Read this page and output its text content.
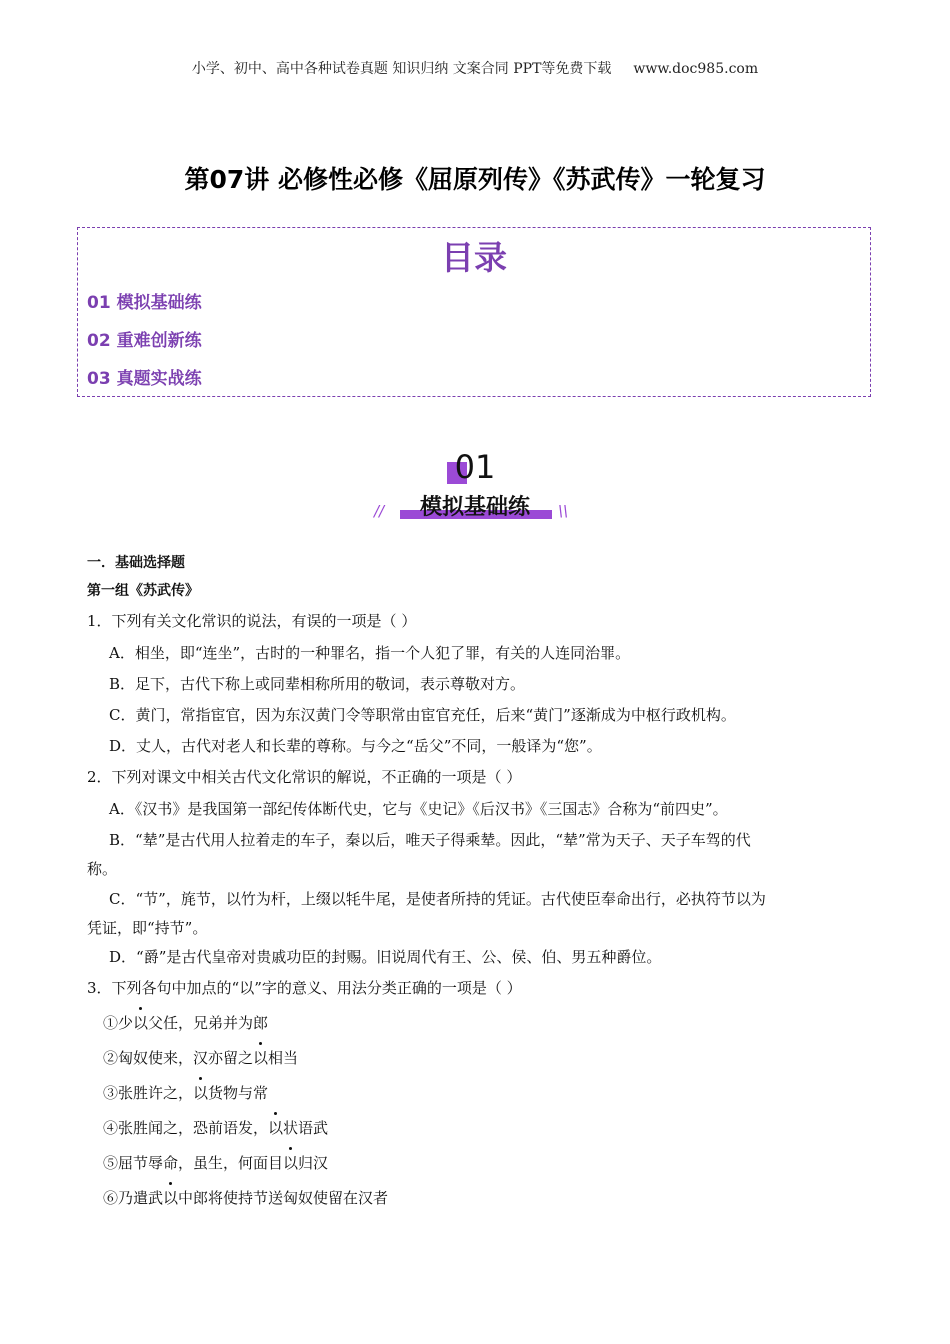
小学、初中、高中各种试卷真题 知识归纳 文案合同 PPT等免费下载 www.doc985.com
第07讲 必修性必修《屈原列传》《苏武传》一轮复习
目录
01 模拟基础练
02 重难创新练
03 真题实战练
01
模拟基础练
//	\\
一．基础选择题
第一组《苏武传》
1．下列有关文化常识的说法，有误的一项是（ ）
A．相坐，即“连坐”，古时的一种罪名，指一个人犯了罪，有关的人连同治罪。
B．足下，古代下称上或同辈相称所用的敬词，表示尊敬对方。
C．黄门，常指宦官，因为东汉黄门令等职常由宦官充任，后来“黄门”逐渐成为中枢行政机构。
D．丈人，古代对老人和长辈的尊称。与今之“岳父”不同，一般译为“您”。
2．下列对课文中相关古代文化常识的解说，不正确的一项是（ ）
A．《汉书》是我国第一部纪传体断代史，它与《史记》《后汉书》《三国志》合称为“前四史”。
B．“辇”是古代用人拉着走的车子，秦以后，唯天子得乘辇。因此，“辇”常为天子、天子车驾的代
称。
C．“节”，旄节，以竹为杆，上缀以牦牛尾，是使者所持的凭证。古代使臣奉命出行，必执符节以为
凭证，即“持节”。
D．“爵”是古代皇帝对贵戚功臣的封赐。旧说周代有王、公、侯、伯、男五种爵位。
3．下列各句中加点的“以”字的意义、用法分类正确的一项是（ ）
①少以父任，兄弟并为郎
②匈奴使来，汉亦留之以相当
③张胜许之，以货物与常
④张胜闻之，恐前语发，以状语武
⑤屈节辱命，虽生，何面目以归汉
⑥乃遣武以中郎将使持节送匈奴使留在汉者
